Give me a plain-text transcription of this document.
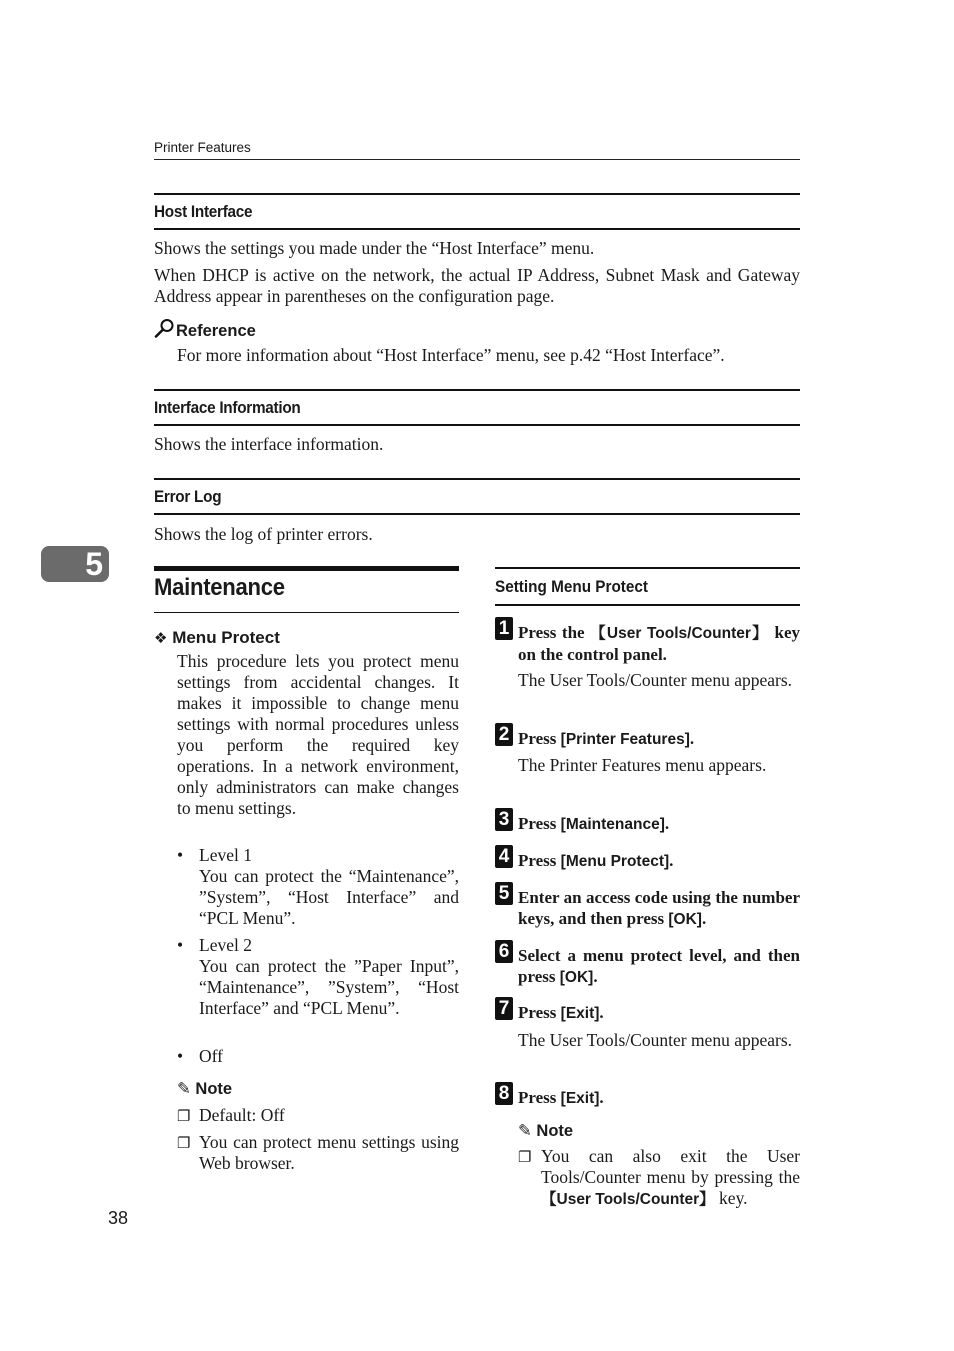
Printer Features
Host Interface
Shows the settings you made under the “Host Interface” menu.
When DHCP is active on the network, the actual IP Address, Subnet Mask and Gateway Address appear in parentheses on the configuration page.
Reference
For more information about “Host Interface” menu, see p.42 “Host Interface”.
Interface Information
Shows the interface information.
Error Log
Shows the log of printer errors.
5
Maintenance
❖ Menu Protect
This procedure lets you protect menu settings from accidental changes. It makes it impossible to change menu settings with normal procedures unless you perform the required key operations. In a network environment, only administrators can make changes to menu settings.
• Level 1
You can protect the “Maintenance”, ”System”, “Host Interface” and “PCL Menu”.
• Level 2
You can protect the ”Paper Input”, “Maintenance”, ”System”, “Host Interface” and “PCL Menu”.
• Off
✎ Note
❐ Default: Off
❐ You can protect menu settings using Web browser.
Setting Menu Protect
1 Press the 【User Tools/Counter】 key on the control panel.
The User Tools/Counter menu appears.
2 Press [Printer Features].
The Printer Features menu appears.
3 Press [Maintenance].
4 Press [Menu Protect].
5 Enter an access code using the number keys, and then press [OK].
6 Select a menu protect level, and then press [OK].
7 Press [Exit].
The User Tools/Counter menu appears.
8 Press [Exit].
✎ Note
❐ You can also exit the User Tools/Counter menu by pressing the 【User Tools/Counter】 key.
38
